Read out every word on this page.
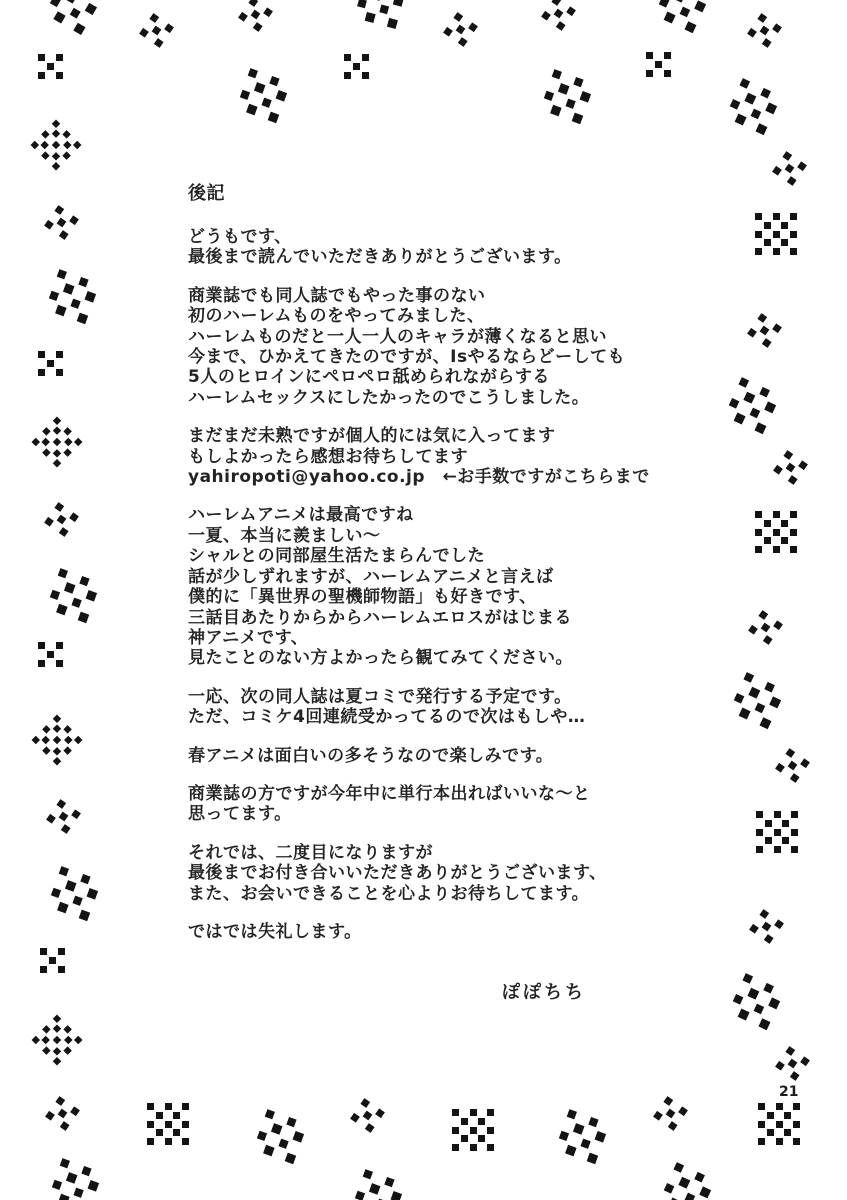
後記
どうもです、
最後まで読んでいただきありがとうございます。
商業誌でも同人誌でもやった事のない
初のハーレムものをやってみました、
ハーレムものだと一人一人のキャラが薄くなると思い
今まで、ひかえてきたのですが、Isやるならどーしても
5人のヒロインにペロペロ舐められながらする
ハーレムセックスにしたかったのでこうしました。
まだまだ未熟ですが個人的には気に入ってます
もしよかったら感想お待ちしてます
yahiropoti@yahoo.co.jp　←お手数ですがこちらまで
ハーレムアニメは最高ですね
一夏、本当に羨ましい～
シャルとの同部屋生活たまらんでした
話が少しずれますが、ハーレムアニメと言えば
僕的に「異世界の聖機師物語」も好きです、
三話目あたりからからハーレムエロスがはじまる
神アニメです、
見たことのない方よかったら観てみてください。
一応、次の同人誌は夏コミで発行する予定です。
ただ、コミケ4回連続受かってるので次はもしや…
春アニメは面白いの多そうなので楽しみです。
商業誌の方ですが今年中に単行本出ればいいな～と
思ってます。
それでは、二度目になりますが
最後までお付き合いいただきありがとうございます、
また、お会いできることを心よりお待ちしてます。
ではでは失礼します。
ぽぽちち
21
